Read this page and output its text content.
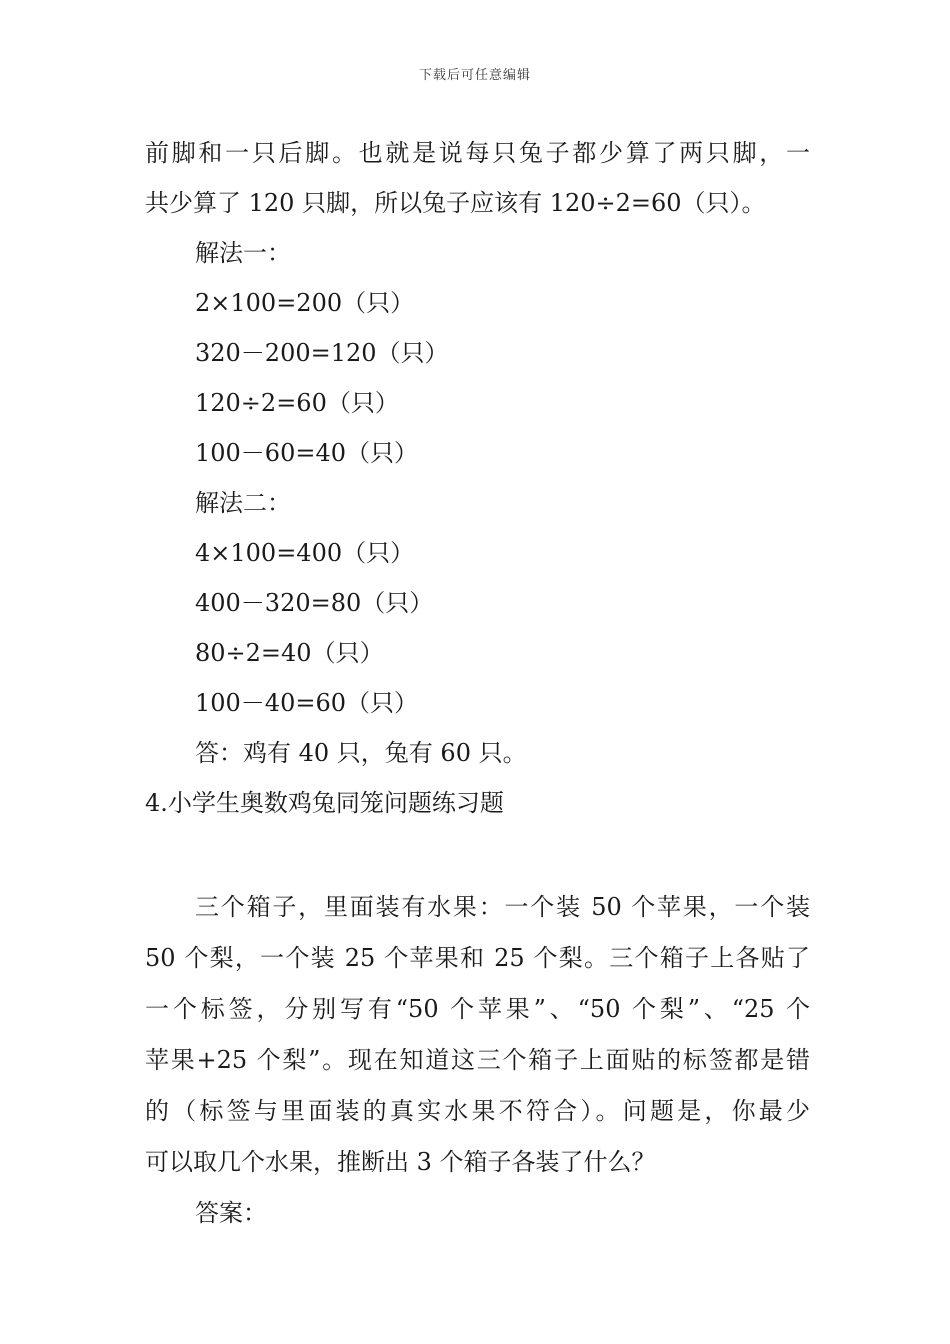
下载后可任意编辑
前脚和一只后脚。也就是说每只兔子都少算了两只脚，一
共少算了 120 只脚，所以兔子应该有 120÷2=60（只）。
解法一：
2×100=200（只）
320－200=120（只）
120÷2=60（只）
100－60=40（只）
解法二：
4×100=400（只）
400－320=80（只）
80÷2=40（只）
100－40=60（只）
答：鸡有 40 只，兔有 60 只。
4.小学生奥数鸡兔同笼问题练习题
三个箱子，里面装有水果：一个装 50 个苹果，一个装
50 个梨，一个装 25 个苹果和 25 个梨。三个箱子上各贴了
一个标签，分别写有“50 个苹果”、“50 个梨”、“25 个
苹果+25 个梨”。现在知道这三个箱子上面贴的标签都是错
的（标签与里面装的真实水果不符合）。问题是，你最少
可以取几个水果，推断出 3 个箱子各装了什么？
答案：
